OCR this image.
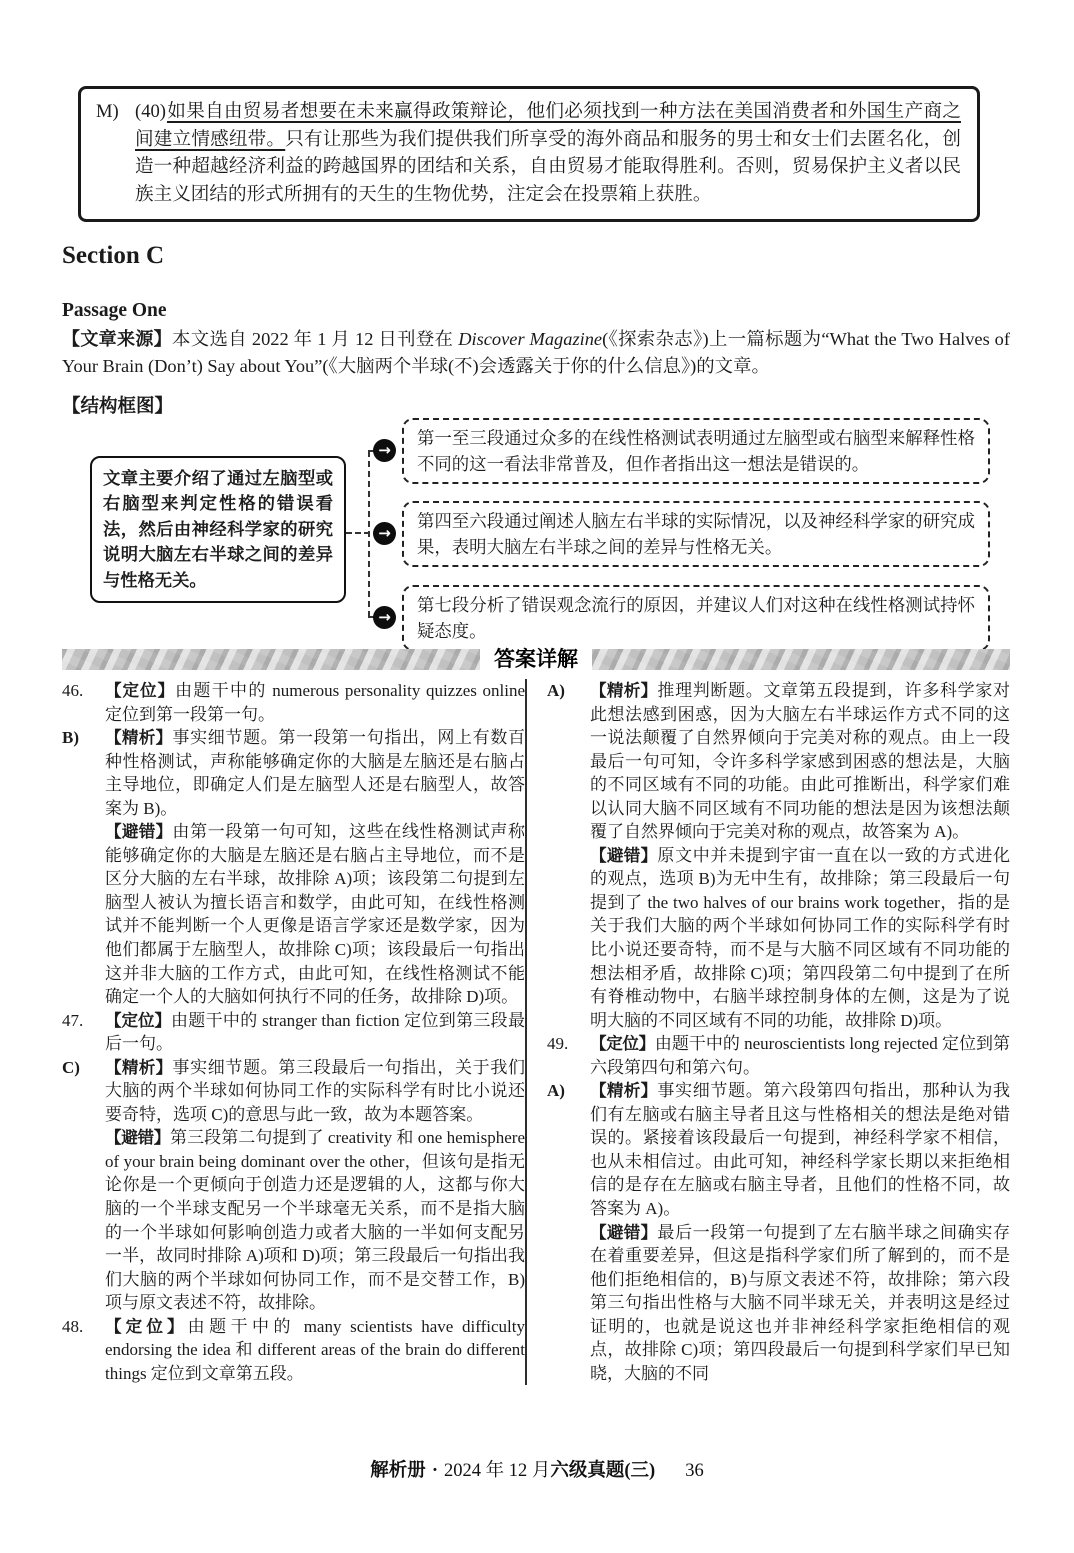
M) (40)如果自由贸易者想要在未来赢得政策辩论，他们必须找到一种方法在美国消费者和外国生产商之间建立情感纽带。只有让那些为我们提供我们所享受的海外商品和服务的男士和女士们去匿名化，创造一种超越经济利益的跨越国界的团结和关系，自由贸易才能取得胜利。否则，贸易保护主义者以民族主义团结的形式所拥有的天生的生物优势，注定会在投票箱上获胜。
Section C
Passage One

【文章来源】本文选自 2022 年 1 月 12 日刊登在 Discover Magazine(《探索杂志》)上一篇标题为“What the Two Halves of Your Brain (Don’t) Say about You”(《大脑两个半球(不)会透露关于你的什么信息》)的文章。

【结构框图】
文章主要介绍了通过左脑型或右脑型来判定性格的错误看法，然后由神经科学家的研究说明大脑左右半球之间的差异与性格无关。
→
→
→
第一至三段通过众多的在线性格测试表明通过左脑型或右脑型来解释性格不同的这一看法非常普及，但作者指出这一想法是错误的。
第四至六段通过阐述人脑左右半球的实际情况，以及神经科学家的研究成果，表明大脑左右半球之间的差异与性格无关。
第七段分析了错误观念流行的原因，并建议人们对这种在线性格测试持怀疑态度。
答案详解
46. 【定位】由题干中的 numerous personality quizzes online 定位到第一段第一句。
B) 【精析】事实细节题。第一段第一句指出，网上有数百种性格测试，声称能够确定你的大脑是左脑还是右脑占主导地位，即确定人们是左脑型人还是右脑型人，故答案为 B)。
【避错】由第一段第一句可知，这些在线性格测试声称能够确定你的大脑是左脑还是右脑占主导地位，而不是区分大脑的左右半球，故排除 A)项；该段第二句提到左脑型人被认为擅长语言和数学，由此可知，在线性格测试并不能判断一个人更像是语言学家还是数学家，因为他们都属于左脑型人，故排除 C)项；该段最后一句指出这并非大脑的工作方式，由此可知，在线性格测试不能确定一个人的大脑如何执行不同的任务，故排除 D)项。
47. 【定位】由题干中的 stranger than fiction 定位到第三段最后一句。
C) 【精析】事实细节题。第三段最后一句指出，关于我们大脑的两个半球如何协同工作的实际科学有时比小说还要奇特，选项 C)的意思与此一致，故为本题答案。
【避错】第三段第二句提到了 creativity 和 one hemisphere of your brain being dominant over the other，但该句是指无论你是一个更倾向于创造力还是逻辑的人，这都与你大脑的一个半球支配另一个半球毫无关系，而不是指大脑的一个半球如何影响创造力或者大脑的一半如何支配另一半，故同时排除 A)项和 D)项；第三段最后一句指出我们大脑的两个半球如何协同工作，而不是交替工作，B)项与原文表述不符，故排除。
48. 【定位】由题干中的 many scientists have difficulty endorsing the idea 和 different areas of the brain do different things 定位到文章第五段。
A) 【精析】推理判断题。文章第五段提到，许多科学家对此想法感到困惑，因为大脑左右半球运作方式不同的这一说法颠覆了自然界倾向于完美对称的观点。由上一段最后一句可知，令许多科学家感到困惑的想法是，大脑的不同区域有不同的功能。由此可推断出，科学家们难以认同大脑不同区域有不同功能的想法是因为该想法颠覆了自然界倾向于完美对称的观点，故答案为 A)。
【避错】原文中并未提到宇宙一直在以一致的方式进化的观点，选项 B)为无中生有，故排除；第三段最后一句提到了 the two halves of our brains work together，指的是关于我们大脑的两个半球如何协同工作的实际科学有时比小说还要奇特，而不是与大脑不同区域有不同功能的想法相矛盾，故排除 C)项；第四段第二句中提到了在所有脊椎动物中，右脑半球控制身体的左侧，这是为了说明大脑的不同区域有不同的功能，故排除 D)项。
49. 【定位】由题干中的 neuroscientists long rejected 定位到第六段第四句和第六句。
A) 【精析】事实细节题。第六段第四句指出，那种认为我们有左脑或右脑主导者且这与性格相关的想法是绝对错误的。紧接着该段最后一句提到，神经科学家不相信，也从未相信过。由此可知，神经科学家长期以来拒绝相信的是存在左脑或右脑主导者，且他们的性格不同，故答案为 A)。
【避错】最后一段第一句提到了左右脑半球之间确实存在着重要差异，但这是指科学家们所了解到的，而不是他们拒绝相信的，B)与原文表述不符，故排除；第六段第三句指出性格与大脑不同半球无关，并表明这是经过证明的，也就是说这也并非神经科学家拒绝相信的观点，故排除 C)项；第四段最后一句提到科学家们早已知晓，大脑的不同
解析册 · 2024 年 12 月六级真题(三) 36
